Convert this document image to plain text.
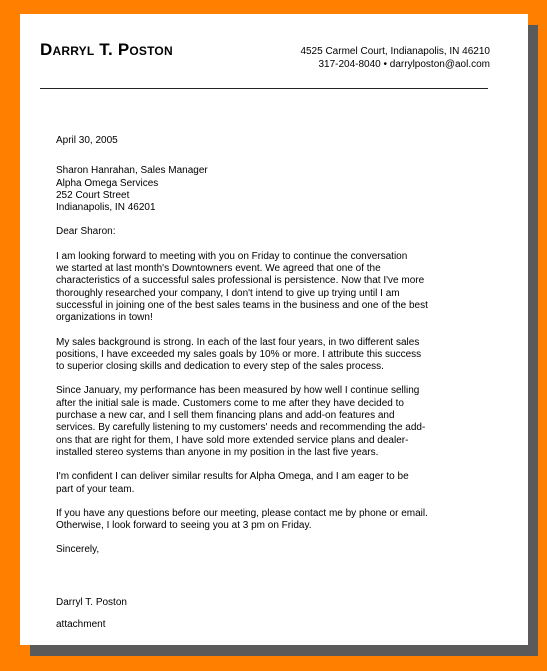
Darryl T. Poston	4525 Carmel Court, Indianapolis, IN 46210
317-204-8040 • darrylposton@aol.com
April 30, 2005
Sharon Hanrahan, Sales Manager
Alpha Omega Services
252 Court Street
Indianapolis, IN 46201
Dear Sharon:

I am looking forward to meeting with you on Friday to continue the conversation
we started at last month's Downtowners event. We agreed that one of the
characteristics of a successful sales professional is persistence. Now that I've more
thoroughly researched your company, I don't intend to give up trying until I am
successful in joining one of the best sales teams in the business and one of the best
organizations in town!

My sales background is strong. In each of the last four years, in two different sales
positions, I have exceeded my sales goals by 10% or more. I attribute this success
to superior closing skills and dedication to every step of the sales process.

Since January, my performance has been measured by how well I continue selling
after the initial sale is made. Customers come to me after they have decided to
purchase a new car, and I sell them financing plans and add-on features and
services. By carefully listening to my customers' needs and recommending the add-
ons that are right for them, I have sold more extended service plans and dealer-
installed stereo systems than anyone in my position in the last five years.

I'm confident I can deliver similar results for Alpha Omega, and I am eager to be
part of your team.

If you have any questions before our meeting, please contact me by phone or email.
Otherwise, I look forward to seeing you at 3 pm on Friday.

Sincerely,
Darryl T. Poston
attachment
